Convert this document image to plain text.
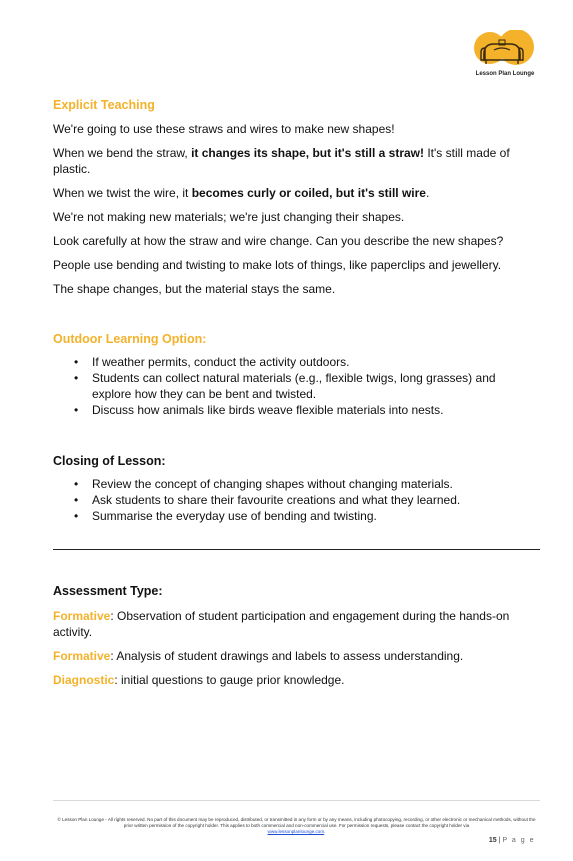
Lesson Plan Lounge
Explicit Teaching

We're going to use these straws and wires to make new shapes!

When we bend the straw, it changes its shape, but it's still a straw! It's still made of plastic.

When we twist the wire, it becomes curly or coiled, but it's still wire.

We're not making new materials; we're just changing their shapes.

Look carefully at how the straw and wire change. Can you describe the new shapes?

People use bending and twisting to make lots of things, like paperclips and jewellery.

The shape changes, but the material stays the same.

Outdoor Learning Option:
• If weather permits, conduct the activity outdoors.
• Students can collect natural materials (e.g., flexible twigs, long grasses) and explore how they can be bent and twisted.
• Discuss how animals like birds weave flexible materials into nests.
Closing of Lesson:
• Review the concept of changing shapes without changing materials.
• Ask students to share their favourite creations and what they learned.
• Summarise the everyday use of bending and twisting.
Assessment Type:

Formative: Observation of student participation and engagement during the hands-on activity.

Formative: Analysis of student drawings and labels to assess understanding.

Diagnostic: initial questions to gauge prior knowledge.

© Lesson Plan Lounge - All rights reserved. No part of this document may be reproduced, distributed, or transmitted in any form or by any means, including photocopying, recording, or other electronic or mechanical methods, without the prior written permission of the copyright holder. This applies to both commercial and non-commercial use. For permission requests, please contact the copyright holder via
www.lessonplanlounge.com.
15 | P a g e
